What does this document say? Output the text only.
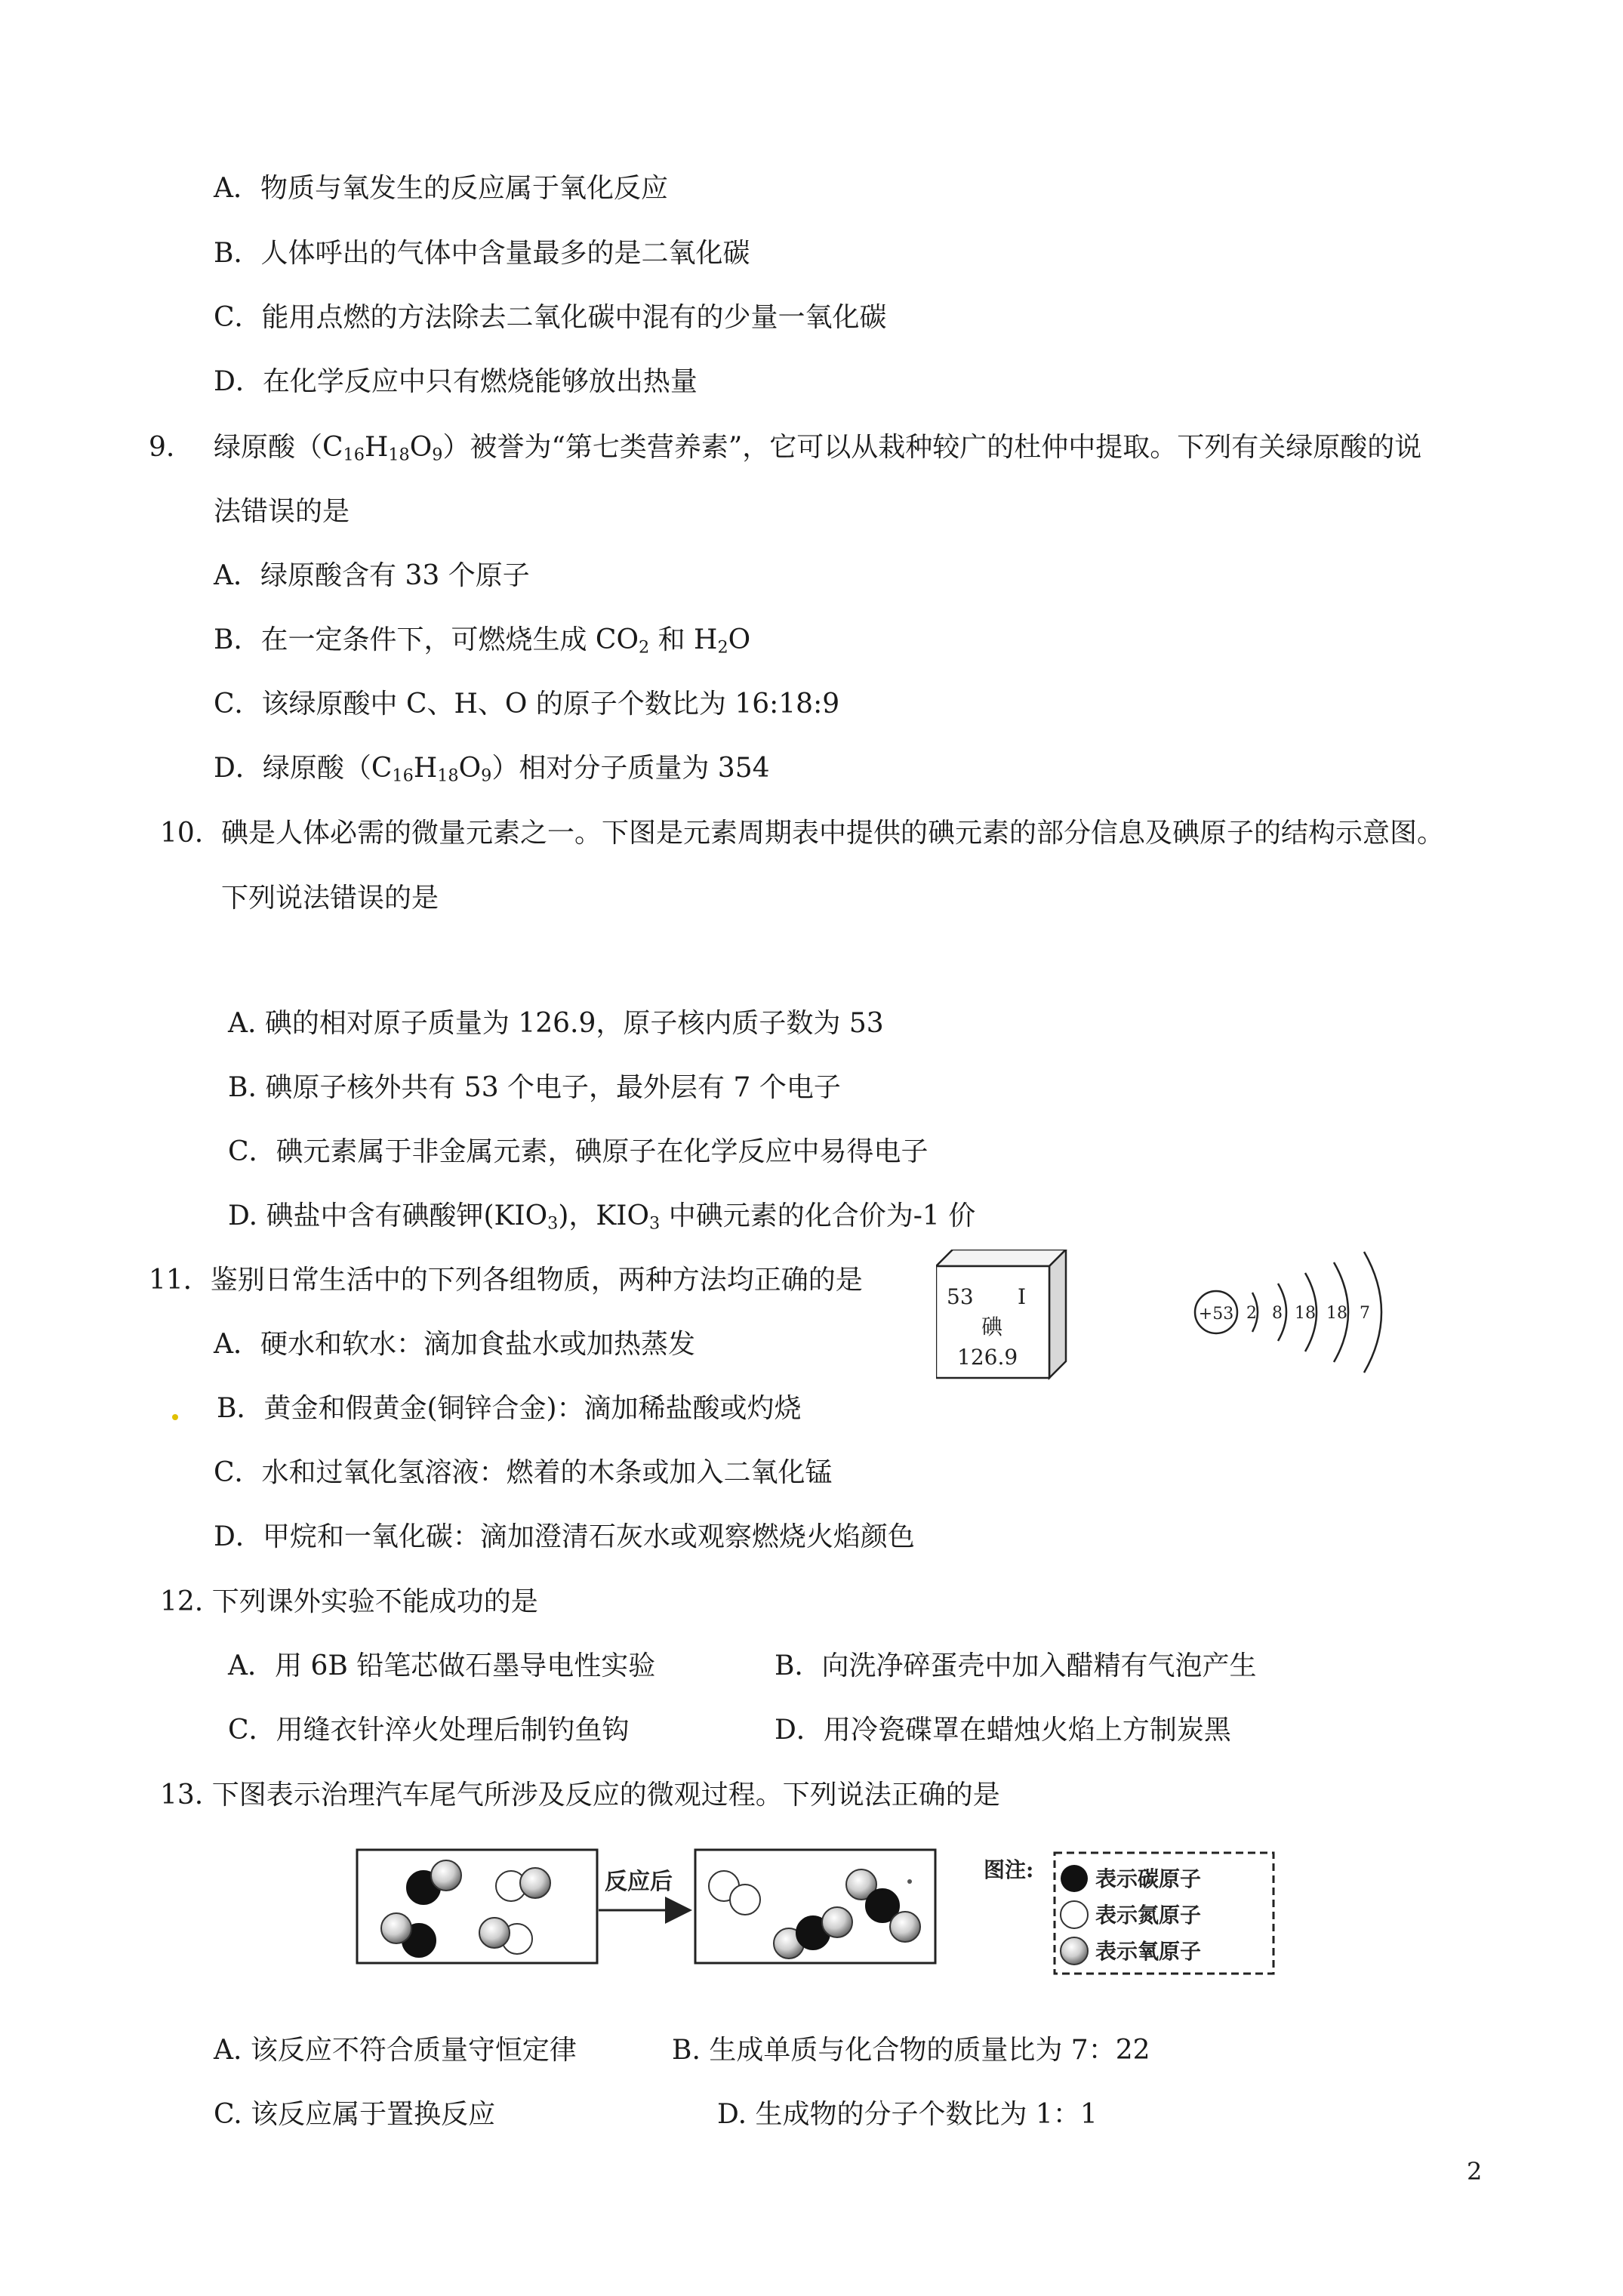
A．物质与氧发生的反应属于氧化反应
B．人体呼出的气体中含量最多的是二氧化碳
C．能用点燃的方法除去二氧化碳中混有的少量一氧化碳
D．在化学反应中只有燃烧能够放出热量
9. 绿原酸$(C_{16}H_{18}O_9)$被誉为“第七类营养素”，它可以从栽种较广的杜仲中提取。下列有关绿原酸的说
法错误的是
A．绿原酸含有 33 个原子
B．在一定条件下，可燃烧生成 $CO_2$ 和 $H_2O$
C．该绿原酸中 C、H、O 的原子个数比为 16:18:9
D．绿原酸$(C_{16}H_{18}O_9)$相对分子质量为 354
10. 碘是人体必需的微量元素之一。下图是元素周期表中提供的碘元素的部分信息及碘原子的结构示意图。
下列说法错误的是
A. 碘的相对原子质量为 126.9，原子核内质子数为 53
B. 碘原子核外共有 53 个电子，最外层有 7 个电子
C．碘元素属于非金属元素，碘原子在化学反应中易得电子
D. 碘盐中含有碘酸钾$(KIO_3)$，$KIO_3$ 中碘元素的化合价为-1 价
53 I
碘
126.9
+53 2 8 18 18 7
11．鉴别日常生活中的下列各组物质，两种方法均正确的是
A．硬水和软水：滴加食盐水或加热蒸发
B．黄金和假黄金(铜锌合金)：滴加稀盐酸或灼烧
C．水和过氧化氢溶液：燃着的木条或加入二氧化锰
D．甲烷和一氧化碳：滴加澄清石灰水或观察燃烧火焰颜色
12. 下列课外实验不能成功的是
A．用 6B 铅笔芯做石墨导电性实验	B．向洗净碎蛋壳中加入醋精有气泡产生
C．用缝衣针淬火处理后制钓鱼钩	D．用冷瓷碟罩在蜡烛火焰上方制炭黑
13. 下图表示治理汽车尾气所涉及反应的微观过程。下列说法正确的是
反应后	图注:	表示碳原子
表示氮原子
表示氧原子
A. 该反应不符合质量守恒定律	B. 生成单质与化合物的质量比为 7：22
C. 该反应属于置换反应	D. 生成物的分子个数比为 1：1
2
